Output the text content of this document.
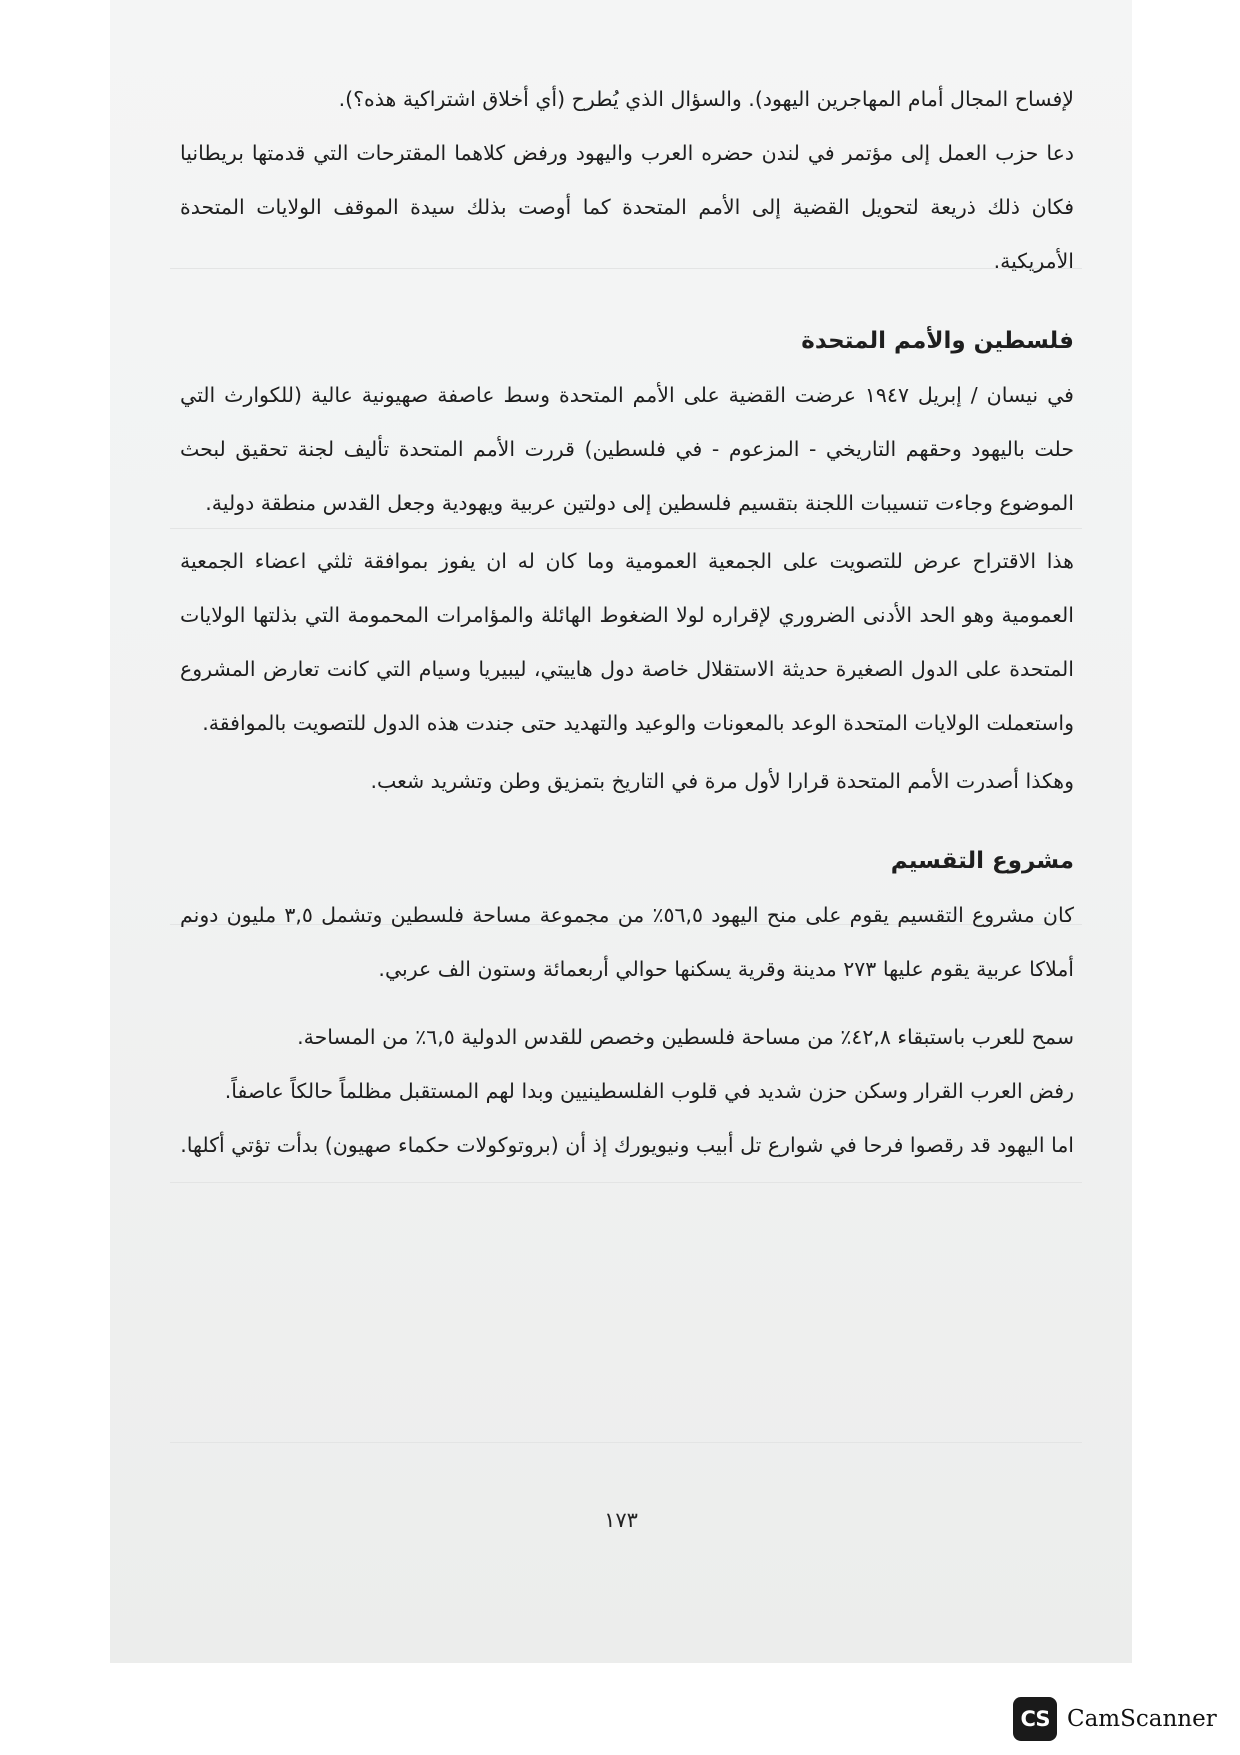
لإفساح المجال أمام المهاجرين اليهود). والسؤال الذي يُطرح (أي أخلاق اشتراكية هذه؟).

دعا حزب العمل إلى مؤتمر في لندن حضره العرب واليهود ورفض كلاهما المقترحات التي قدمتها بريطانيا فكان ذلك ذريعة لتحويل القضية إلى الأمم المتحدة كما أوصت بذلك سيدة الموقف الولايات المتحدة الأمريكية.

فلسطين والأمم المتحدة

في نيسان / إبريل ١٩٤٧ عرضت القضية على الأمم المتحدة وسط عاصفة صهيونية عالية (للكوارث التي حلت باليهود وحقهم التاريخي - المزعوم - في فلسطين) قررت الأمم المتحدة تأليف لجنة تحقيق لبحث الموضوع وجاءت تنسيبات اللجنة بتقسيم فلسطين إلى دولتين عربية ويهودية وجعل القدس منطقة دولية.

هذا الاقتراح عرض للتصويت على الجمعية العمومية وما كان له ان يفوز بموافقة ثلثي اعضاء الجمعية العمومية وهو الحد الأدنى الضروري لإقراره لولا الضغوط الهائلة والمؤامرات المحمومة التي بذلتها الولايات المتحدة على الدول الصغيرة حديثة الاستقلال خاصة دول هاييتي، ليبيريا وسيام التي كانت تعارض المشروع واستعملت الولايات المتحدة الوعد بالمعونات والوعيد والتهديد حتى جندت هذه الدول للتصويت بالموافقة.

وهكذا أصدرت الأمم المتحدة قرارا لأول مرة في التاريخ بتمزيق وطن وتشريد شعب.

مشروع التقسيم

كان مشروع التقسيم يقوم على منح اليهود ٥٦,٥٪ من مجموعة مساحة فلسطين وتشمل ٣,٥ مليون دونم أملاكا عربية يقوم عليها ٢٧٣ مدينة وقرية يسكنها حوالي أربعمائة وستون الف عربي.

سمح للعرب باستبقاء ٤٢,٨٪ من مساحة فلسطين وخصص للقدس الدولية ٦,٥٪ من المساحة.

رفض العرب القرار وسكن حزن شديد في قلوب الفلسطينيين وبدا لهم المستقبل مظلماً حالكاً عاصفاً.

اما اليهود قد رقصوا فرحا في شوارع تل أبيب ونيويورك إذ أن (بروتوكولات حكماء صهيون) بدأت تؤتي أكلها.

١٧٣
CS CamScanner
